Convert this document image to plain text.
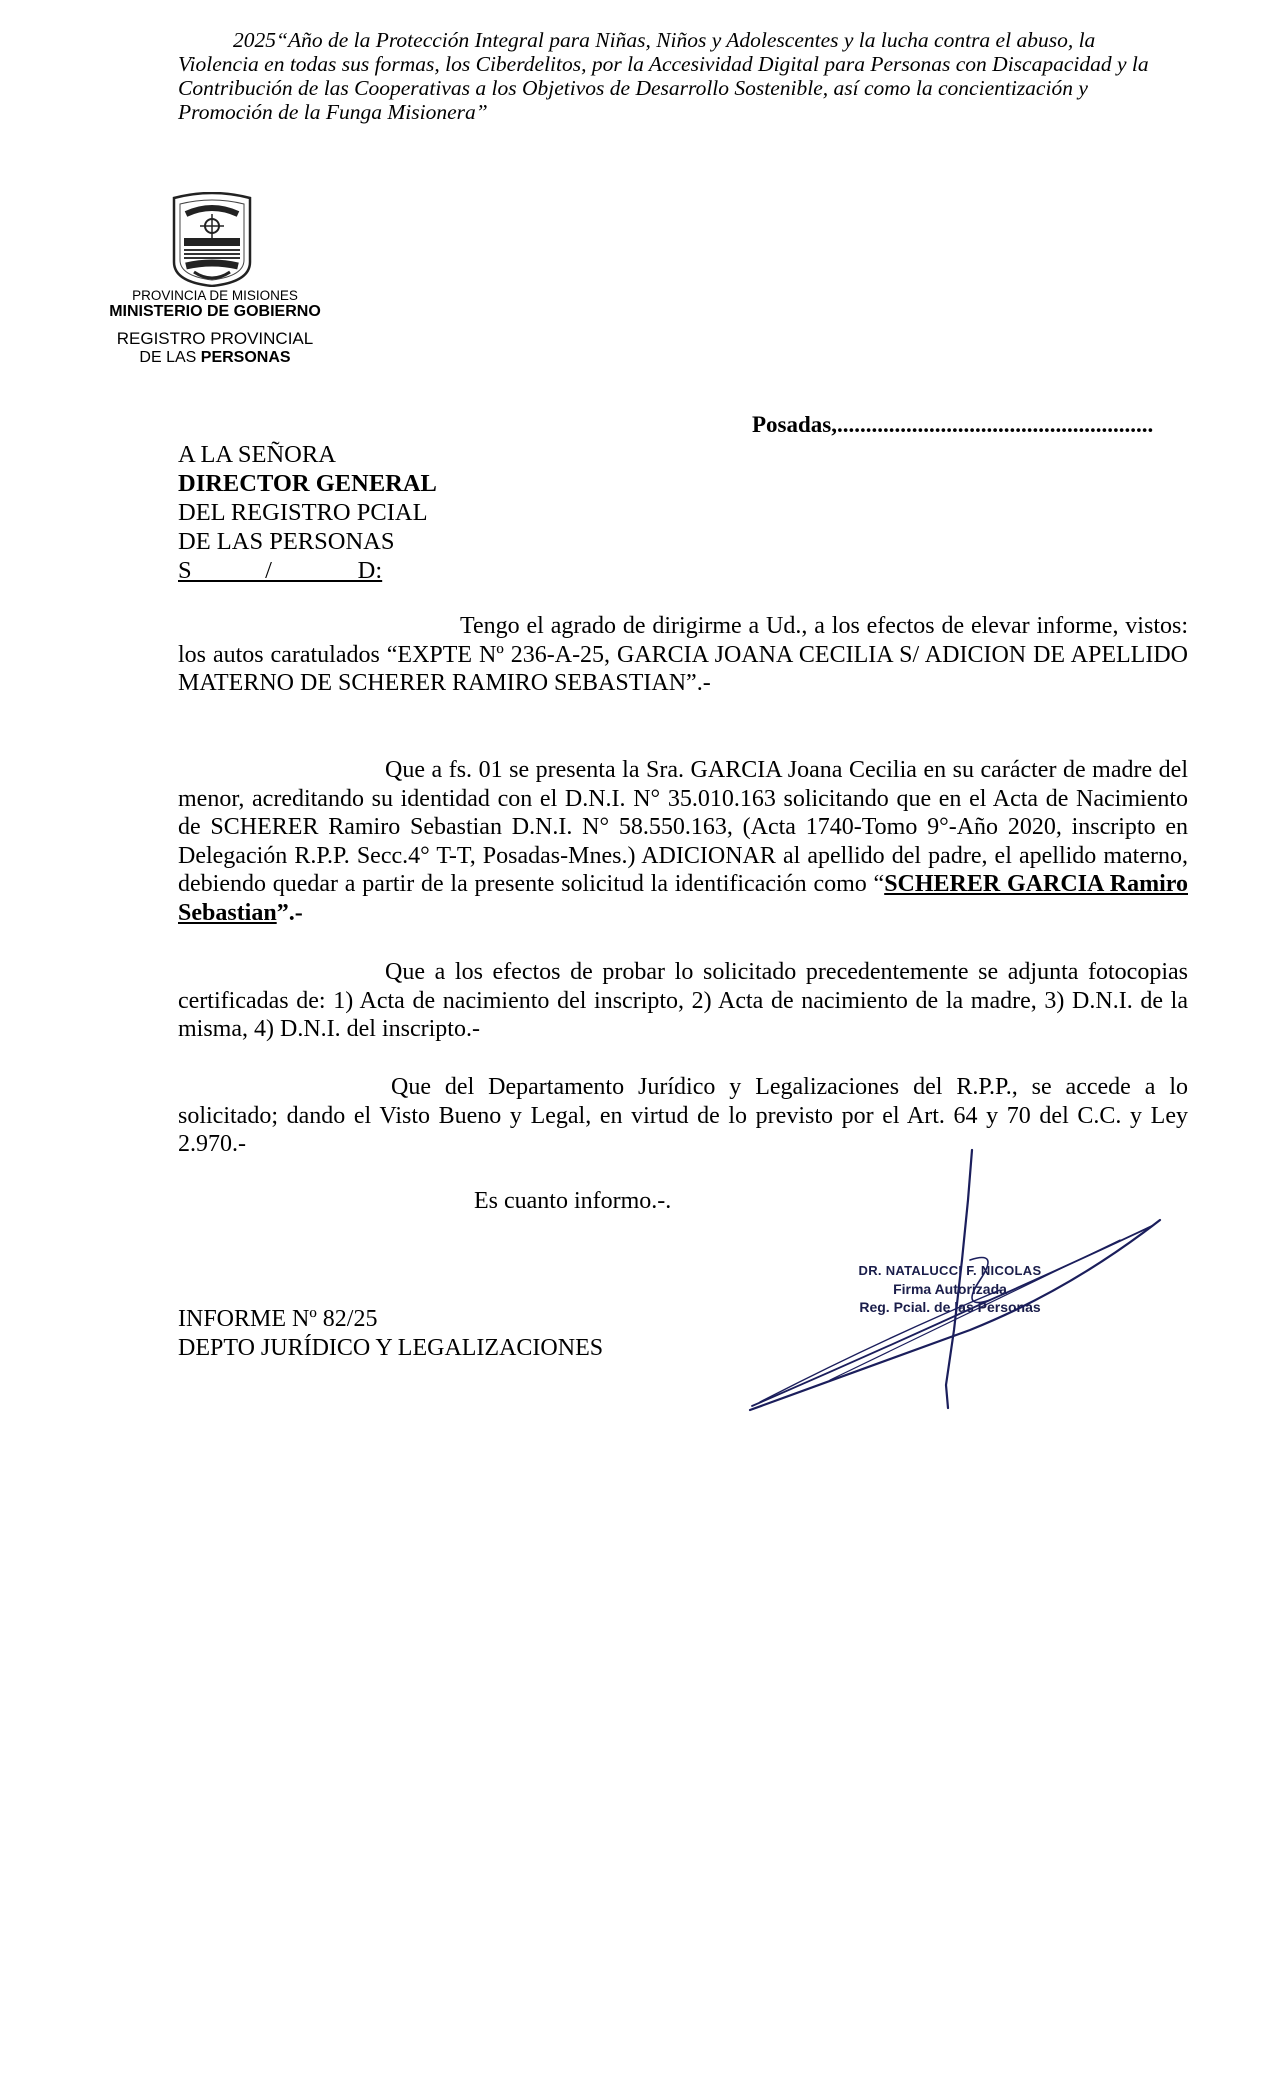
2025“Año de la Protección Integral para Niñas, Niños y Adolescentes y la lucha contra el abuso, la Violencia en todas sus formas, los Ciberdelitos, por la Accesividad Digital para Personas con Discapacidad y la Contribución de las Cooperativas a los Objetivos de Desarrollo Sostenible, así como la concientización y Promoción de la Funga Misionera”
PROVINCIA DE MISIONES
MINISTERIO DE GOBIERNO
REGISTRO PROVINCIAL
DE LAS PERSONAS
Posadas,.......................................................
A LA SEÑORA
DIRECTOR GENERAL
DEL REGISTRO PCIAL
DE LAS PERSONAS
S            /              D:
Tengo el agrado de dirigirme a Ud., a los efectos de elevar informe, vistos: los autos caratulados “EXPTE Nº 236-A-25, GARCIA JOANA CECILIA S/ ADICION DE APELLIDO MATERNO DE SCHERER RAMIRO SEBASTIAN”.-
Que a fs. 01 se presenta la Sra. GARCIA Joana Cecilia en su carácter de madre del menor, acreditando su identidad con el D.N.I. N° 35.010.163 solicitando que en el Acta de Nacimiento de SCHERER Ramiro Sebastian D.N.I. N° 58.550.163, (Acta 1740-Tomo 9°-Año 2020, inscripto en Delegación R.P.P. Secc.4° T-T, Posadas-Mnes.) ADICIONAR al apellido del padre, el apellido materno, debiendo quedar a partir de la presente solicitud la identificación como “SCHERER GARCIA Ramiro Sebastian”.-
Que a los efectos de probar lo solicitado precedentemente se adjunta fotocopias certificadas de: 1) Acta de nacimiento del inscripto, 2) Acta de nacimiento de la madre, 3) D.N.I. de la misma, 4) D.N.I. del inscripto.-
Que del Departamento Jurídico y Legalizaciones del R.P.P., se accede a lo solicitado; dando el Visto Bueno y Legal, en virtud de lo previsto por el Art. 64 y 70 del C.C. y Ley 2.970.-
Es cuanto informo.-.
INFORME Nº 82/25
DEPTO JURÍDICO Y LEGALIZACIONES
DR. NATALUCCI F. NICOLAS
Firma Autorizada
Reg. Pcial. de las Personas
